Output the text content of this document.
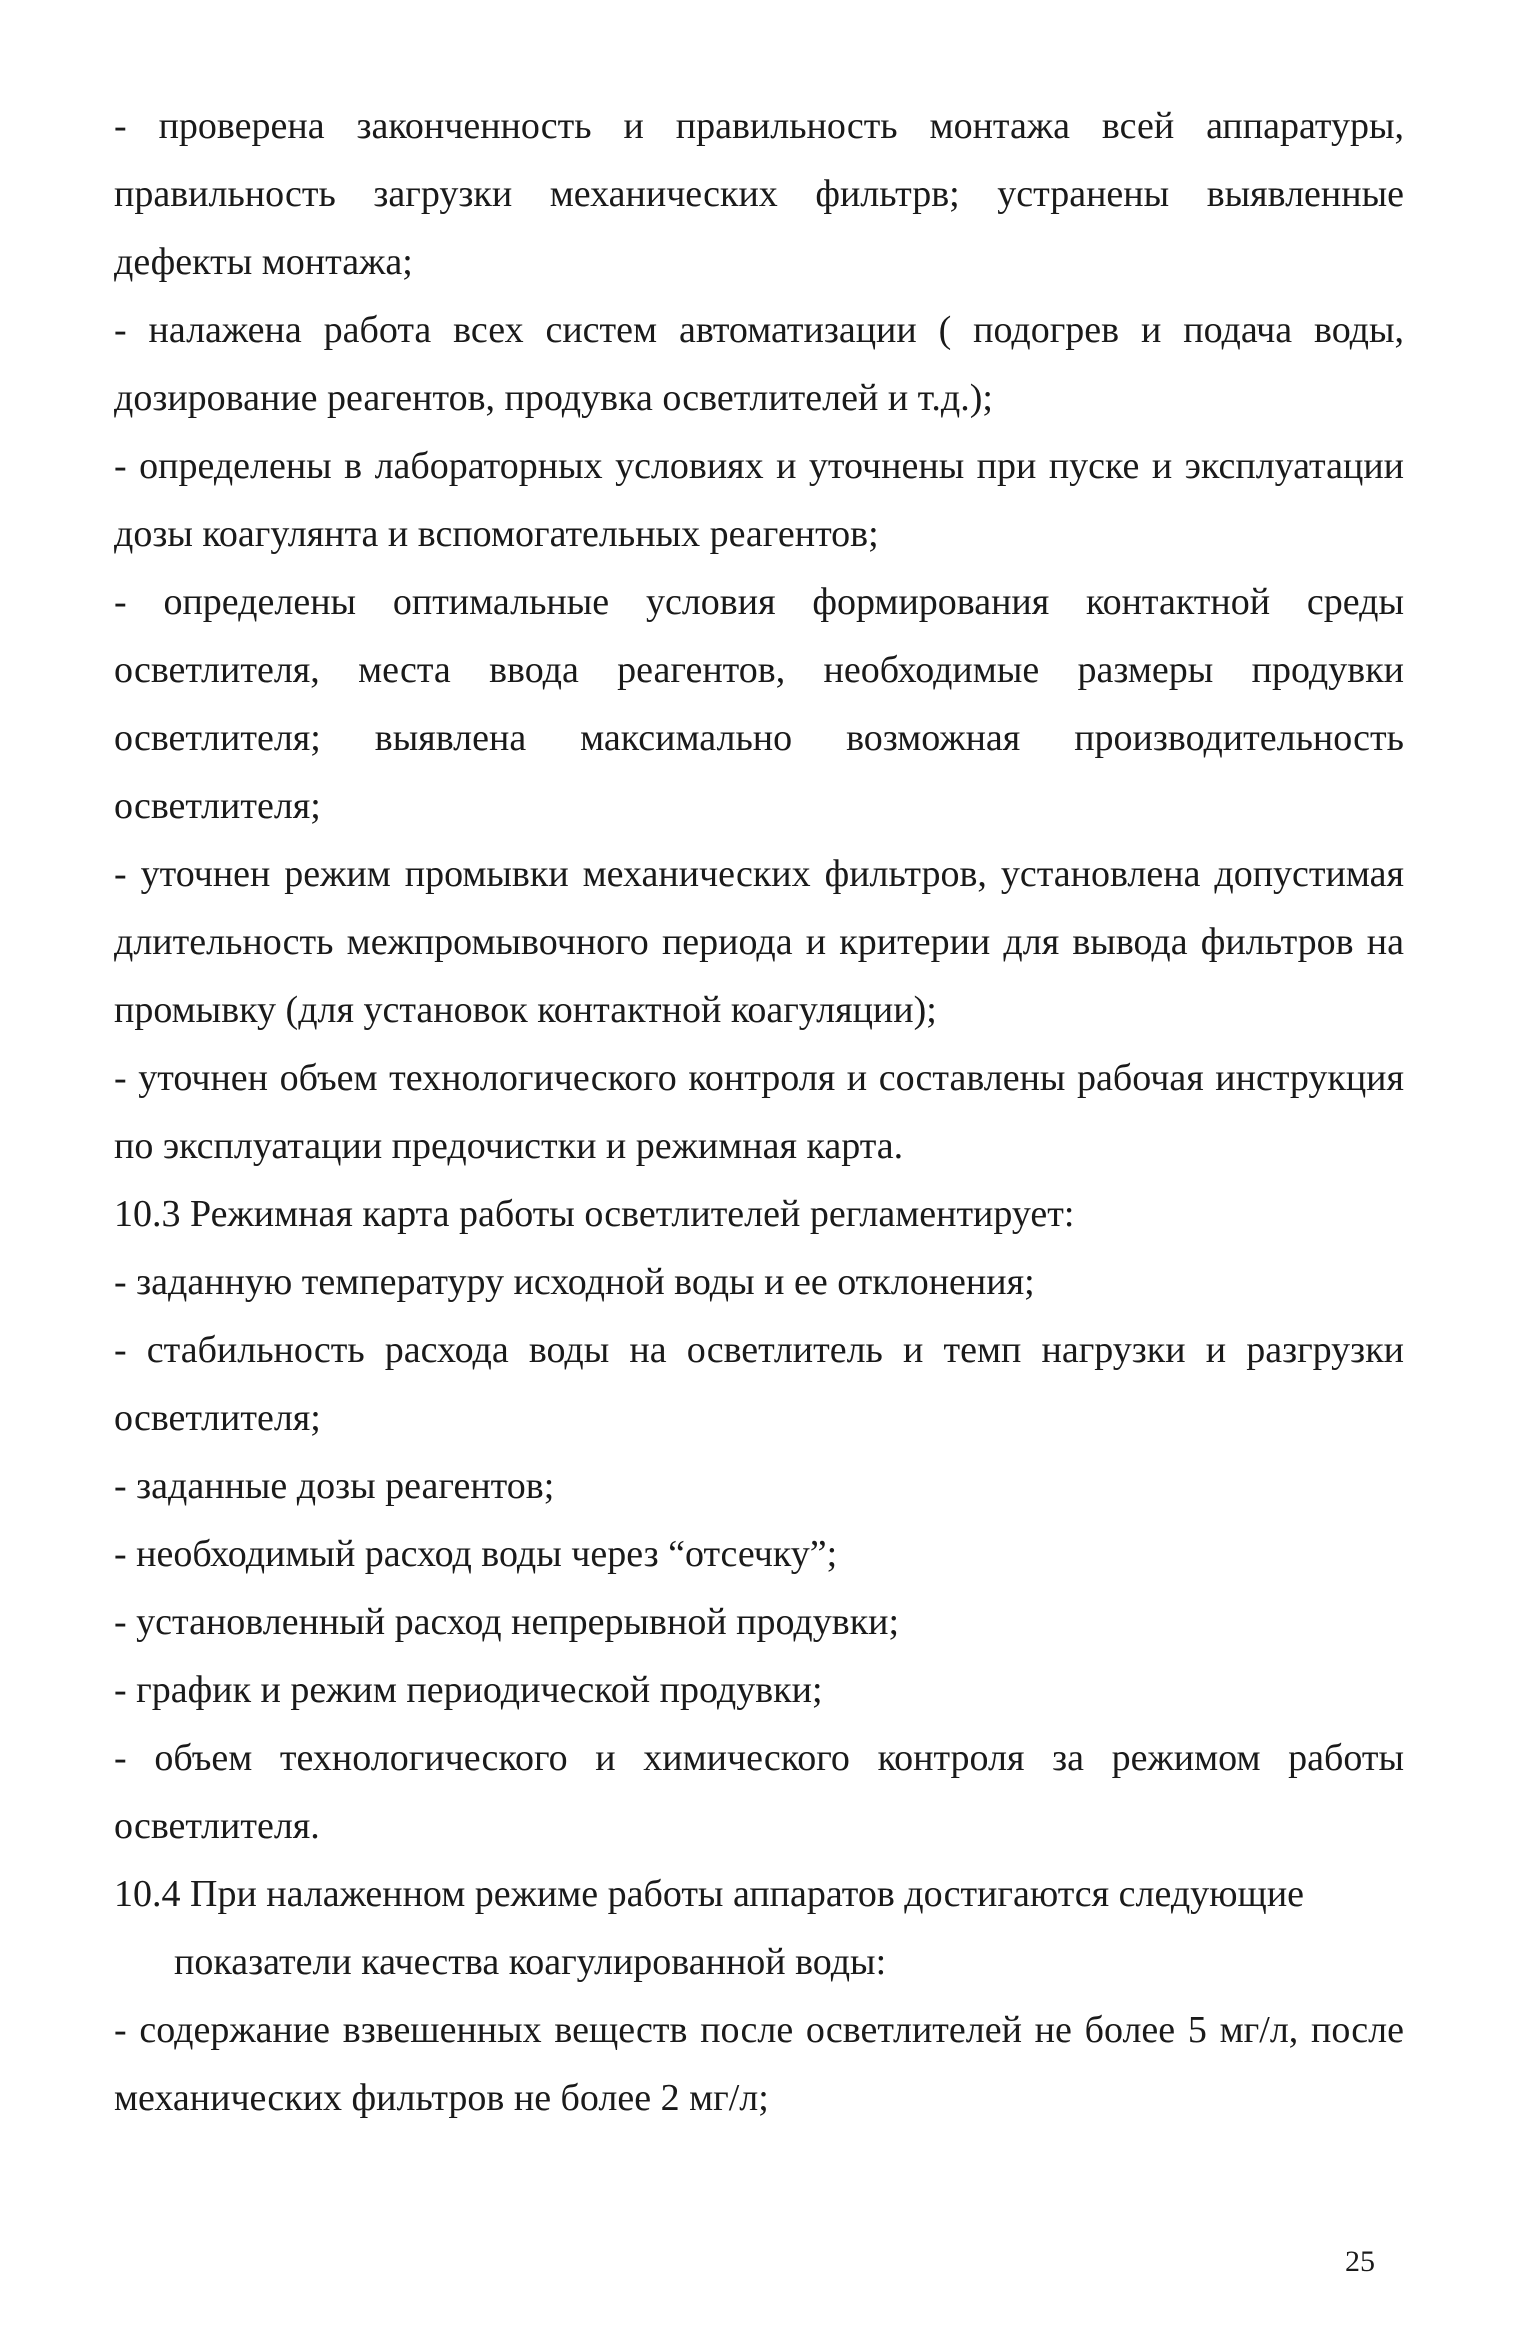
- проверена законченность и правильность монтажа всей аппаратуры, правильность загрузки механических фильтрв; устранены выявленные дефекты монтажа;

- налажена работа всех систем автоматизации ( подогрев и подача воды, дозирование реагентов, продувка осветлителей и т.д.);

- определены в лабораторных условиях и уточнены при пуске и эксплуатации дозы коагулянта и вспомогательных реагентов;

- определены оптимальные условия формирования контактной среды осветлителя, места ввода реагентов, необходимые размеры продувки осветлителя; выявлена максимально возможная производительность осветлителя;

- уточнен режим промывки механических фильтров, установлена допустимая длительность межпромывочного периода и критерии для вывода фильтров на промывку (для установок контактной коагуляции);

- уточнен объем технологического контроля и составлены рабочая инструкция по эксплуатации предочистки и режимная карта.

10.3 Режимная карта работы осветлителей регламентирует:

- заданную температуру исходной воды и ее отклонения;

- стабильность расхода воды на осветлитель и темп нагрузки и разгрузки осветлителя;

- заданные дозы реагентов;

- необходимый расход воды через “отсечку”;

- установленный расход непрерывной продувки;

- график и режим периодической продувки;

- объем технологического и химического контроля за режимом работы осветлителя.

10.4 При налаженном режиме работы аппаратов достигаются следующие
показатели качества коагулированной воды:

- содержание взвешенных веществ после осветлителей не более 5 мг/л, после механических фильтров не более 2 мг/л;

25
